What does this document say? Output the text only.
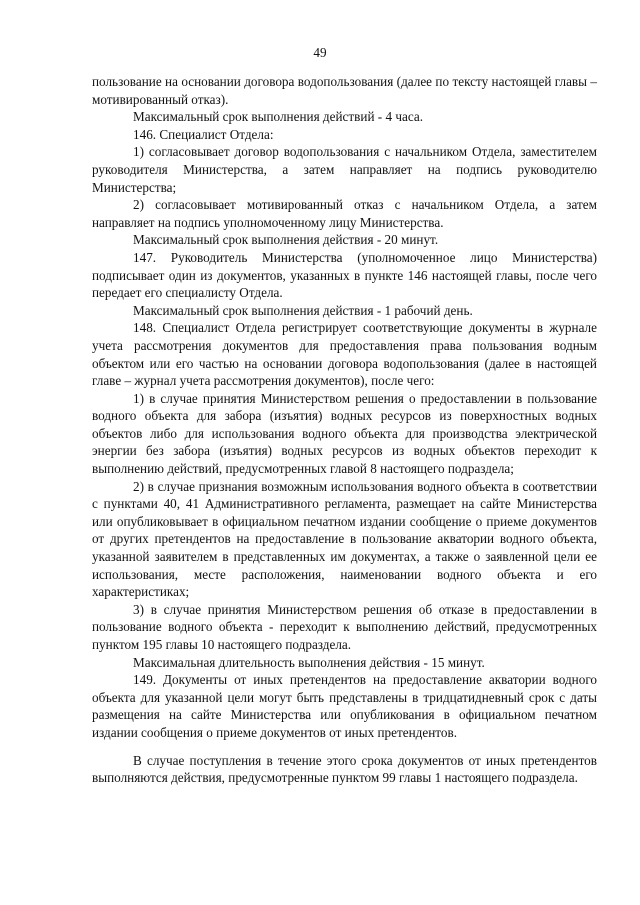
49

пользование на основании договора водопользования (далее по тексту настоящей главы – мотивированный отказ).

Максимальный срок выполнения действий - 4 часа.

146. Специалист Отдела:

1) согласовывает договор водопользования с начальником Отдела, заместителем руководителя Министерства, а затем направляет на подпись руководителю Министерства;

2) согласовывает мотивированный отказ с начальником Отдела, а затем направляет на подпись уполномоченному лицу Министерства.

Максимальный срок выполнения действия - 20 минут.

147. Руководитель Министерства (уполномоченное лицо Министерства) подписывает один из документов, указанных в пункте 146 настоящей главы, после чего передает его специалисту Отдела.

Максимальный срок выполнения действия - 1 рабочий день.

148. Специалист Отдела регистрирует соответствующие документы в журнале учета рассмотрения документов для предоставления права пользования водным объектом или его частью на основании договора водопользования (далее в настоящей главе – журнал учета рассмотрения документов), после чего:

1) в случае принятия Министерством решения о предоставлении в пользование водного объекта для забора (изъятия) водных ресурсов из поверхностных водных объектов либо для использования водного объекта для производства электрической энергии без забора (изъятия) водных ресурсов из водных объектов переходит к выполнению действий, предусмотренных главой 8 настоящего подраздела;

2) в случае признания возможным использования водного объекта в соответствии с пунктами 40, 41 Административного регламента, размещает на сайте Министерства или опубликовывает в официальном печатном издании сообщение о приеме документов от других претендентов на предоставление в пользование акватории водного объекта, указанной заявителем в представленных им документах, а также о заявленной цели ее использования, месте расположения, наименовании водного объекта и его характеристиках;

3) в случае принятия Министерством решения об отказе в предоставлении в пользование водного объекта - переходит к выполнению действий, предусмотренных пунктом 195 главы 10 настоящего подраздела.

Максимальная длительность выполнения действия - 15 минут.

149. Документы от иных претендентов на предоставление акватории водного объекта для указанной цели могут быть представлены в тридцатидневный срок с даты размещения на сайте Министерства или опубликования в официальном печатном издании сообщения о приеме документов от иных претендентов.

В случае поступления в течение этого срока документов от иных претендентов выполняются действия, предусмотренные пунктом 99 главы 1 настоящего подраздела.
